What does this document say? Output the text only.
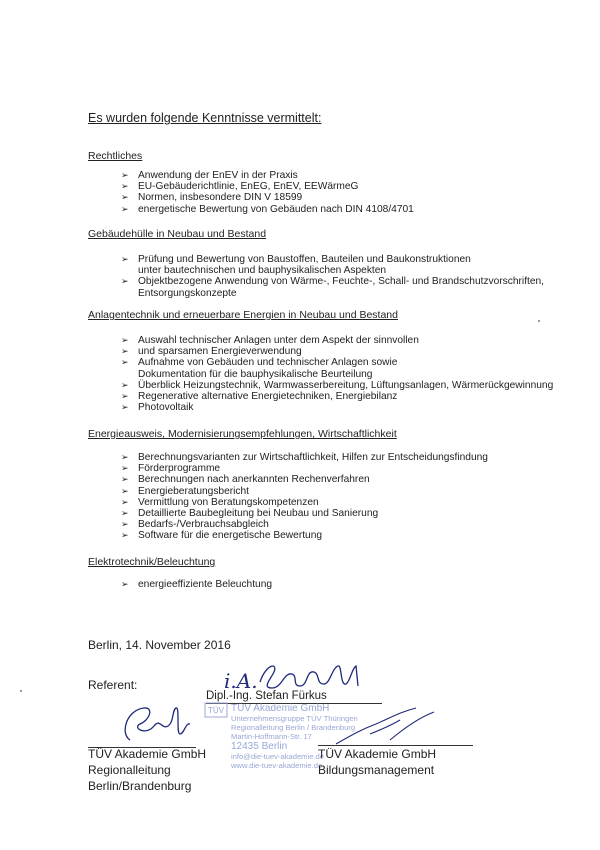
Es wurden folgende Kenntnisse vermittelt:
Rechtliches
➢ Anwendung der EnEV in der Praxis
➢ EU-Gebäuderichtlinie, EnEG, EnEV, EEWärmeG
➢ Normen, insbesondere DIN V 18599
➢ energetische Bewertung von Gebäuden nach DIN 4108/4701
Gebäudehülle in Neubau und Bestand
➢ Prüfung und Bewertung von Baustoffen, Bauteilen und Baukonstruktionen
unter bautechnischen und bauphysikalischen Aspekten
➢ Objektbezogene Anwendung von Wärme-, Feuchte-, Schall- und Brandschutzvorschriften,
Entsorgungskonzepte
Anlagentechnik und erneuerbare Energien in Neubau und Bestand
➢ Auswahl technischer Anlagen unter dem Aspekt der sinnvollen
➢ und sparsamen Energieverwendung
➢ Aufnahme von Gebäuden und technischer Anlagen sowie
Dokumentation für die bauphysikalische Beurteilung
➢ Überblick Heizungstechnik, Warmwasserbereitung, Lüftungsanlagen, Wärmerückgewinnung
➢ Regenerative alternative Energietechniken, Energiebilanz
➢ Photovoltaik
Energieausweis, Modernisierungsempfehlungen, Wirtschaftlichkeit
➢ Berechnungsvarianten zur Wirtschaftlichkeit, Hilfen zur Entscheidungsfindung
➢ Förderprogramme
➢ Berechnungen nach anerkannten Rechenverfahren
➢ Energieberatungsbericht
➢ Vermittlung von Beratungskompetenzen
➢ Detaillierte Baubegleitung bei Neubau und Sanierung
➢ Bedarfs-/Verbrauchsabgleich
➢ Software für die energetische Bewertung
Elektrotechnik/Beleuchtung
➢ energieeffiziente Beleuchtung
Berlin, 14. November 2016
Referent:	i.A.
Dipl.-Ing. Stefan Fürkus
TÜV TÜV Akademie GmbH
Unternehmensgruppe TÜV Thüringen
Regionalleitung Berlin / Brandenburg
Martin-Hoffmann-Str. 17
12435 Berlin
info@die-tuev-akademie.de
www.die-tuev-akademie.de
TÜV Akademie GmbH
Regionalleitung
Berlin/Brandenburg
TÜV Akademie GmbH
Bildungsmanagement
